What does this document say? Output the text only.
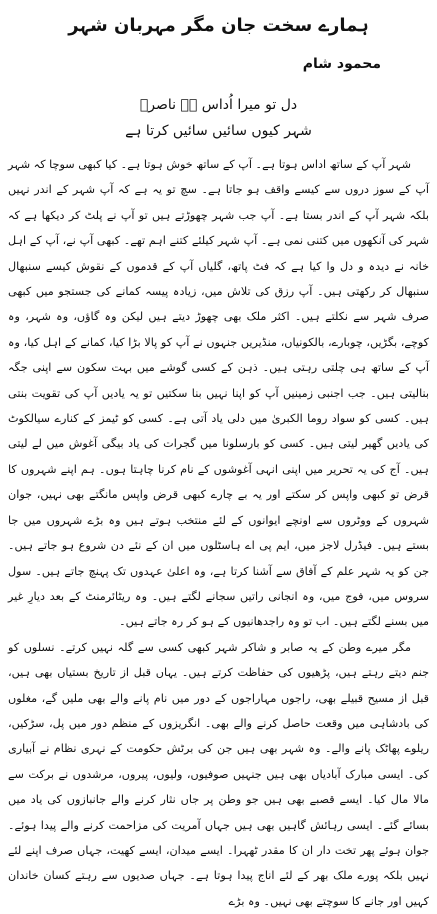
ہمارے سخت جان مگر مہربان شہر
محمود شام
دل تو میرا اُداس ہے ناصرؔ
شہر کیوں سائیں سائیں کرتا ہے

شہر آپ کے ساتھ اداس ہوتا ہے۔ آپ کے ساتھ خوش ہوتا ہے۔ کیا کبھی سوچا کہ شہر آپ کے سوز دروں سے کیسے واقف ہو جاتا ہے۔ سچ تو یہ ہے کہ آپ شہر کے اندر نہیں بلکہ شہر آپ کے اندر بستا ہے۔ آپ جب شہر چھوڑتے ہیں تو آپ نے پلٹ کر دیکھا ہے کہ شہر کی آنکھوں میں کتنی نمی ہے۔ آپ شہر کیلئے کتنے اہم تھے۔ کبھی آپ نے، آپ کے اہل خانہ نے دیدہ و دل وا کیا ہے کہ فٹ پاتھ، گلیاں آپ کے قدموں کے نقوش کیسے سنبھال سنبھال کر رکھتی ہیں۔ آپ رزق کی تلاش میں، زیادہ پیسہ کمانے کی جستجو میں کبھی صرف شہر سے نکلتے ہیں۔ اکثر ملک بھی چھوڑ دیتے ہیں لیکن وہ گاؤں، وہ شہر، وہ کوچے، بگڑیں، چوبارے، بالکونیاں، منڈیریں جنہوں نے آپ کو پالا بڑا کیا، کمانے کے اہل کیا، وہ آپ کے ساتھ ہی چلتی رہتی ہیں۔ ذہن کے کسی گوشے میں بہت سکون سے اپنی جگہ بنالیتی ہیں۔ جب اجنبی زمینیں آپ کو اپنا نہیں بنا سکتیں تو یہ یادیں آپ کی تقویت بنتی ہیں۔ کسی کو سواد روما الکبریٰ میں دلی یاد آتی ہے۔ کسی کو ٹیمز کے کنارے سیالکوٹ کی یادیں گھیر لیتی ہیں۔ کسی کو بارسلونا میں گجرات کی یاد بیگی آغوش میں لے لیتی ہیں۔ آج کی یہ تحریر میں اپنی انہی آغوشوں کے نام کرنا چاہتا ہوں۔ ہم اپنے شہروں کا قرض تو کبھی واپس کر سکتے اور یہ بے چارے کبھی قرض واپس مانگتے بھی نہیں، جوان شہروں کے ووٹروں سے اونچے ایوانوں کے لئے منتخب ہوتے ہیں وہ بڑے شہروں میں جا بستے ہیں۔ فیڈرل لاجز میں، ایم پی اے ہاسٹلوں میں ان کے نئے دن شروع ہو جاتے ہیں۔ جن کو یہ شہر علم کے آفاق سے آشنا کرتا ہے، وہ اعلیٰ عہدوں تک پہنچ جاتے ہیں۔ سول سروس میں، فوج میں، وہ انجانی راتیں سجانے لگتے ہیں۔ وہ ریٹائرمنٹ کے بعد دیارِ غیر میں بسنے لگتے ہیں۔ اب تو وہ راجدھانیوں کے ہو کر رہ جاتے ہیں۔

مگر میرے وطن کے یہ صابر و شاکر شہر کبھی کسی سے گلہ نہیں کرتے۔ نسلوں کو جنم دیتے رہتے ہیں، پڑھیوں کی حفاظت کرتے ہیں۔ یہاں قبل از تاریخ بستیاں بھی ہیں، قبل از مسیح قبیلے بھی، راجوں مہاراجوں کے دور میں نام پانے والے بھی ملیں گے، مغلوں کی بادشاہی میں وقعت حاصل کرنے والے بھی۔ انگریزوں کے منظم دور میں پل، سڑکیں، ریلوے پھاٹک پانے والے۔ وہ شہر بھی ہیں جن کی برٹش حکومت کے نہری نظام نے آبیاری کی۔ ایسی مبارک آبادیاں بھی ہیں جنہیں صوفیوں، ولیوں، پیروں، مرشدوں نے برکت سے مالا مال کیا۔ ایسے قصبے بھی ہیں جو وطن پر جاں نثار کرنے والے جانبازوں کی یاد میں بسائے گئے۔ ایسی رہائش گاہیں بھی ہیں جہاں آمریت کی مزاحمت کرنے والے پیدا ہوئے۔ جوان ہوئے پھر تخت دار ان کا مقدر ٹھہرا۔ ایسے میدان، ایسے کھیت، جہاں صرف اپنے لئے نہیں بلکہ پورے ملک بھر کے لئے اناج پیدا ہوتا ہے۔ جہاں صدیوں سے رہتے کسان خاندان کہیں اور جانے کا سوچتے بھی نہیں۔ وہ بڑے
